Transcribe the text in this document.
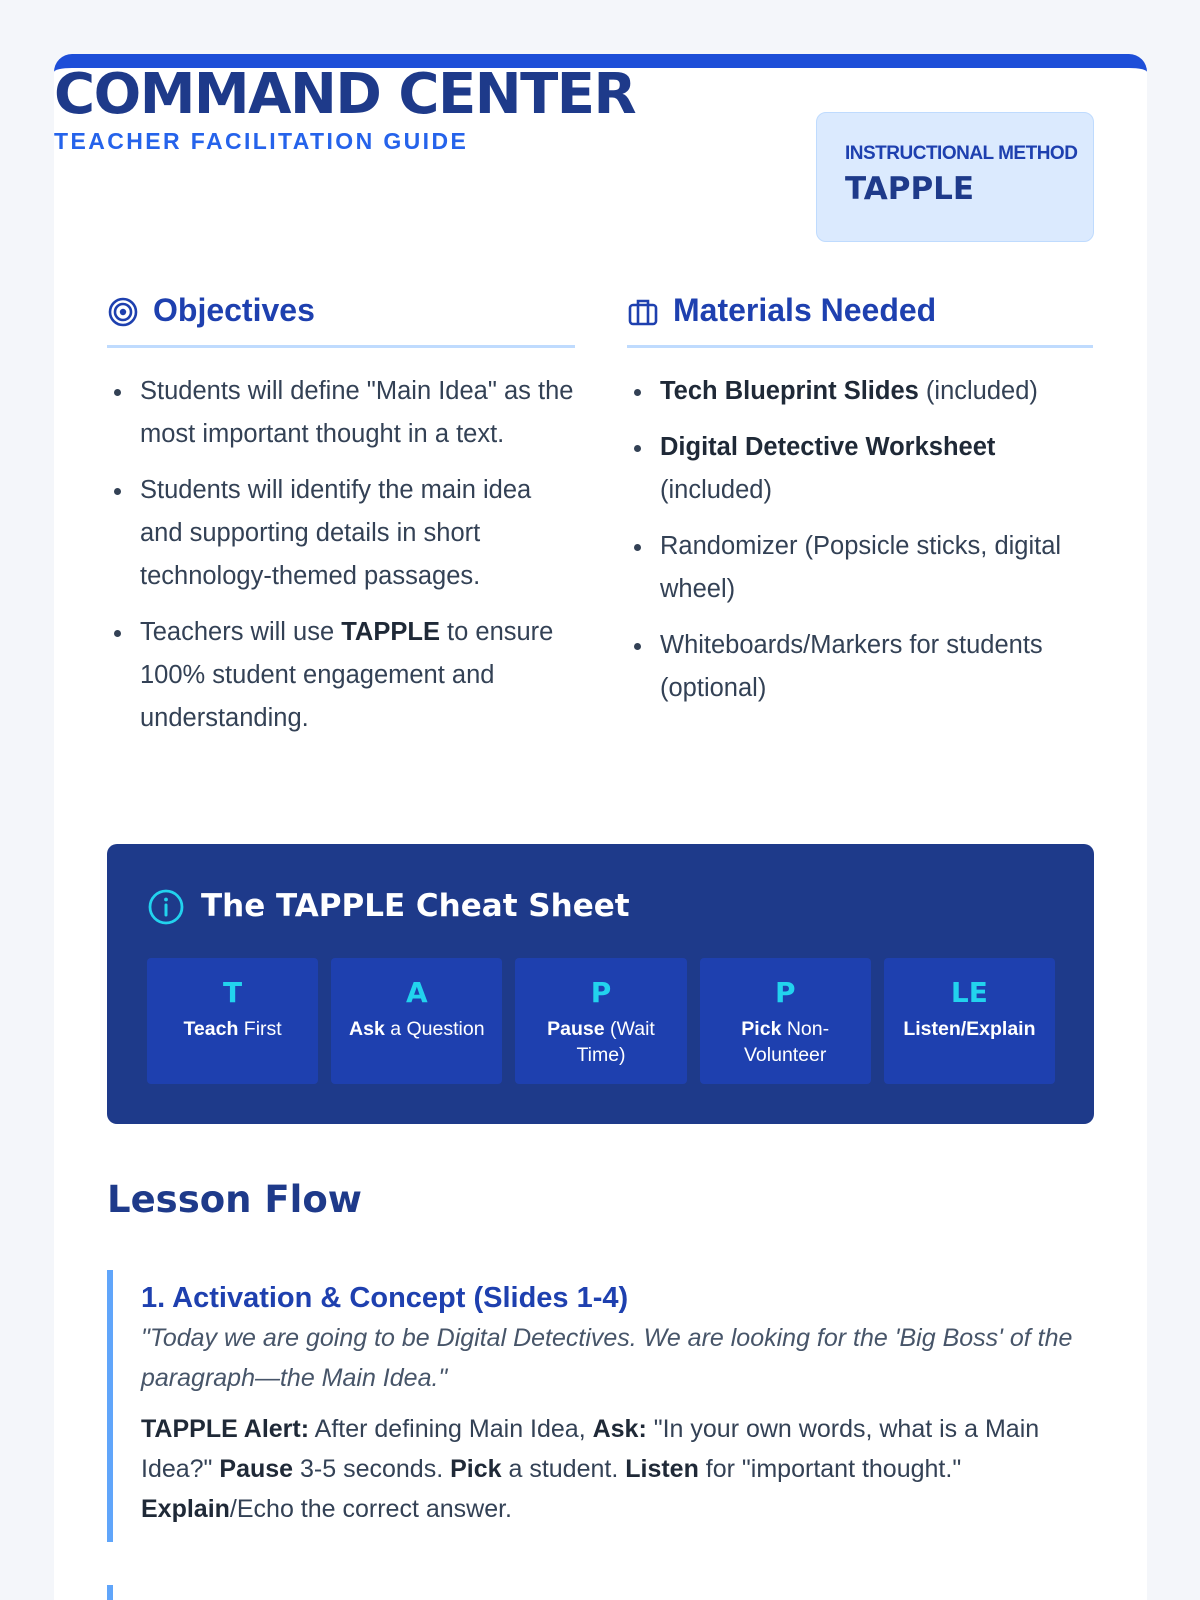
COMMAND CENTER
TEACHER FACILITATION GUIDE	INSTRUCTIONAL METHOD
TAPPLE
Objectives
Students will define "Main Idea" as the most important thought in a text.
Students will identify the main idea and supporting details in short technology-themed passages.
Teachers will use TAPPLE to ensure 100% student engagement and understanding.
Materials Needed
Tech Blueprint Slides (included)
Digital Detective Worksheet (included)
Randomizer (Popsicle sticks, digital wheel)
Whiteboards/Markers for students (optional)
The TAPPLE Cheat Sheet
T
Teach First
A
Ask a Question
P
Pause (Wait Time)
P
Pick Non-Volunteer
LE
Listen/Explain
Lesson Flow
1. Activation & Concept (Slides 1-4)
"Today we are going to be Digital Detectives. We are looking for the 'Big Boss' of the paragraph—the Main Idea."
TAPPLE Alert: After defining Main Idea, Ask: "In your own words, what is a Main Idea?" Pause 3-5 seconds. Pick a student. Listen for "important thought." Explain/Echo the correct answer.
